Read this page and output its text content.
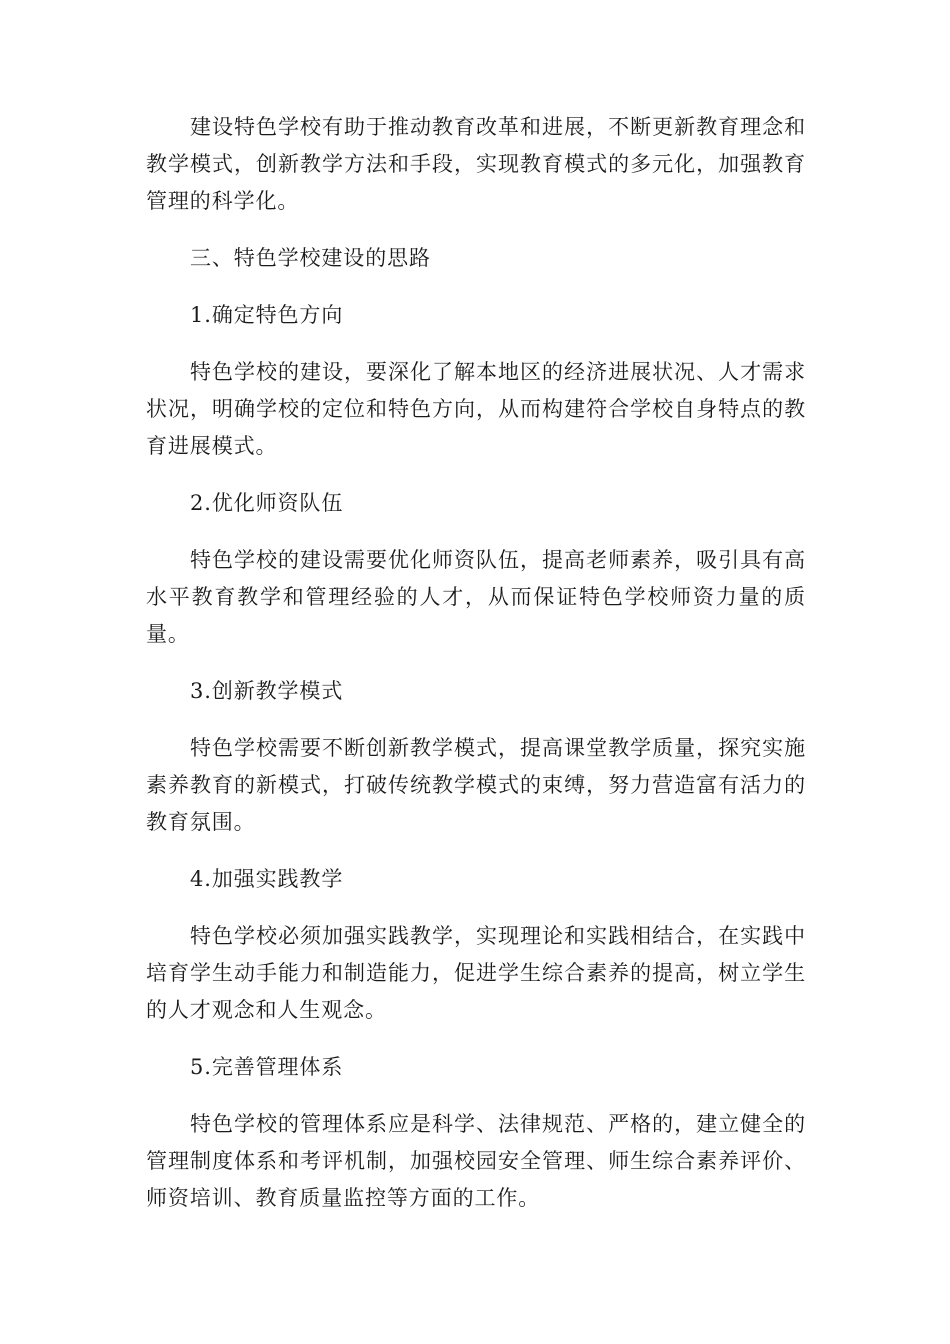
建设特色学校有助于推动教育改革和进展，不断更新教育理念和教学模式，创新教学方法和手段，实现教育模式的多元化，加强教育管理的科学化。

三、特色学校建设的思路

1.确定特色方向

特色学校的建设，要深化了解本地区的经济进展状况、人才需求状况，明确学校的定位和特色方向，从而构建符合学校自身特点的教育进展模式。

2.优化师资队伍

特色学校的建设需要优化师资队伍，提高老师素养，吸引具有高水平教育教学和管理经验的人才，从而保证特色学校师资力量的质量。

3.创新教学模式

特色学校需要不断创新教学模式，提高课堂教学质量，探究实施素养教育的新模式，打破传统教学模式的束缚，努力营造富有活力的教育氛围。

4.加强实践教学

特色学校必须加强实践教学，实现理论和实践相结合，在实践中培育学生动手能力和制造能力，促进学生综合素养的提高，树立学生的人才观念和人生观念。

5.完善管理体系

特色学校的管理体系应是科学、法律规范、严格的，建立健全的管理制度体系和考评机制，加强校园安全管理、师生综合素养评价、师资培训、教育质量监控等方面的工作。
